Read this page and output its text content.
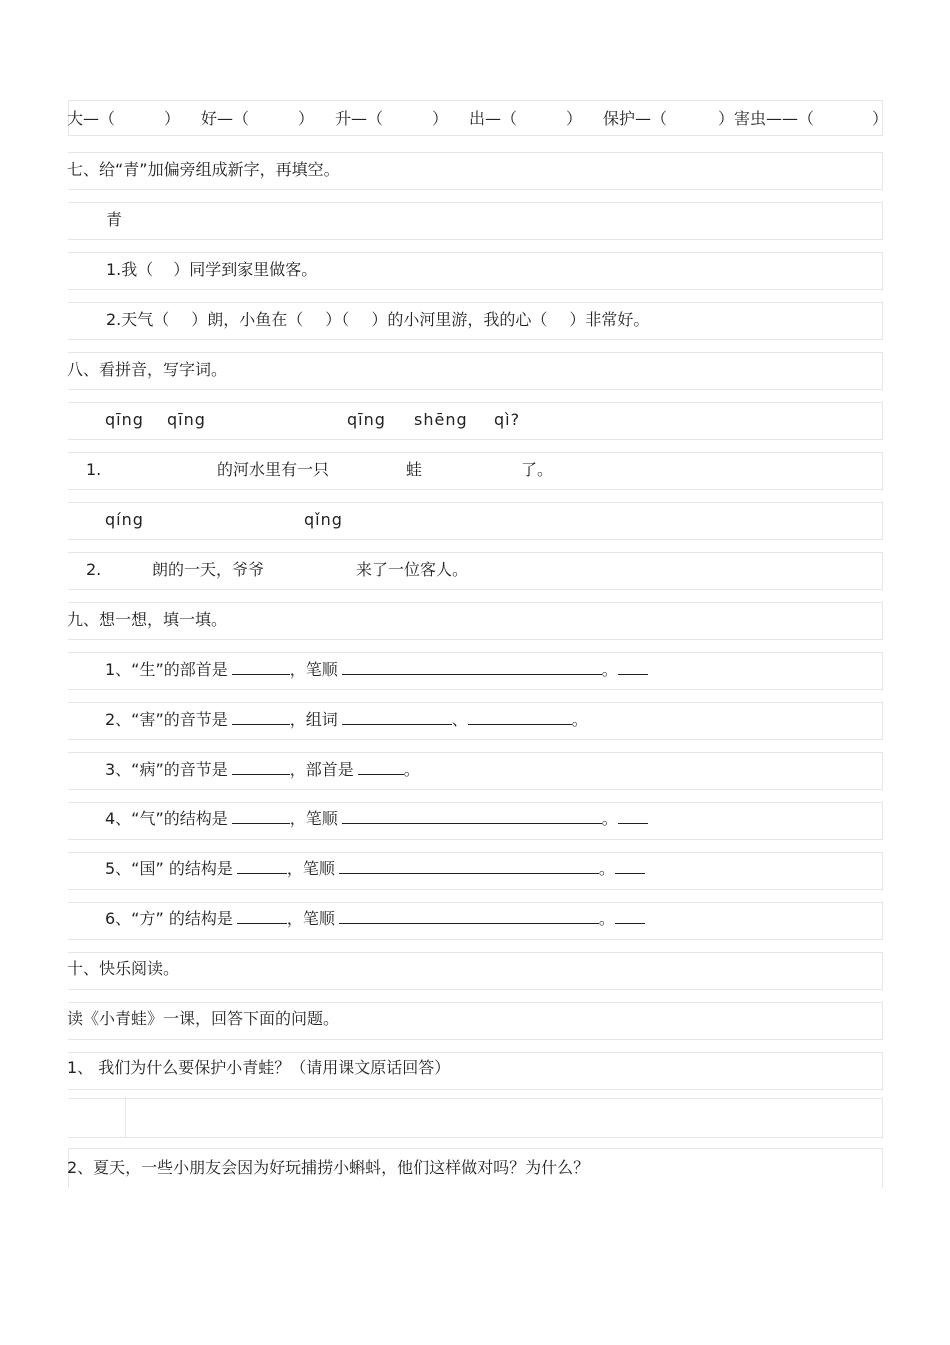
大—（	） 好—（	） 升—（	） 出—（	） 保护—（	）害虫——（	）
七、给“青”加偏旁组成新字，再填空。
青
1.我（ ）同学到家里做客。
2.天气（ ）朗，小鱼在（ ）（ ）的小河里游，我的心（ ）非常好。
八、看拼音，写字词。
qīng qīng	qīng shēng qì?
1.	的河水里有一只	蛙	了。
qíng	qǐng
2.	朗的一天，爷爷	来了一位客人。
九、想一想，填一填。
1、“生”的部首是	，笔顺	。
2、“害”的音节是	，组词	、	。
3、“病”的音节是	，部首是	。
4、“气”的结构是	，笔顺	。
5、“国” 的结构是	，笔顺	。
6、“方” 的结构是	，笔顺	。
十、快乐阅读。
读《小青蛙》一课，回答下面的问题。
1、 我们为什么要保护小青蛙？（请用课文原话回答）
2、夏天，一些小朋友会因为好玩捕捞小蝌蚪，他们这样做对吗？为什么？
